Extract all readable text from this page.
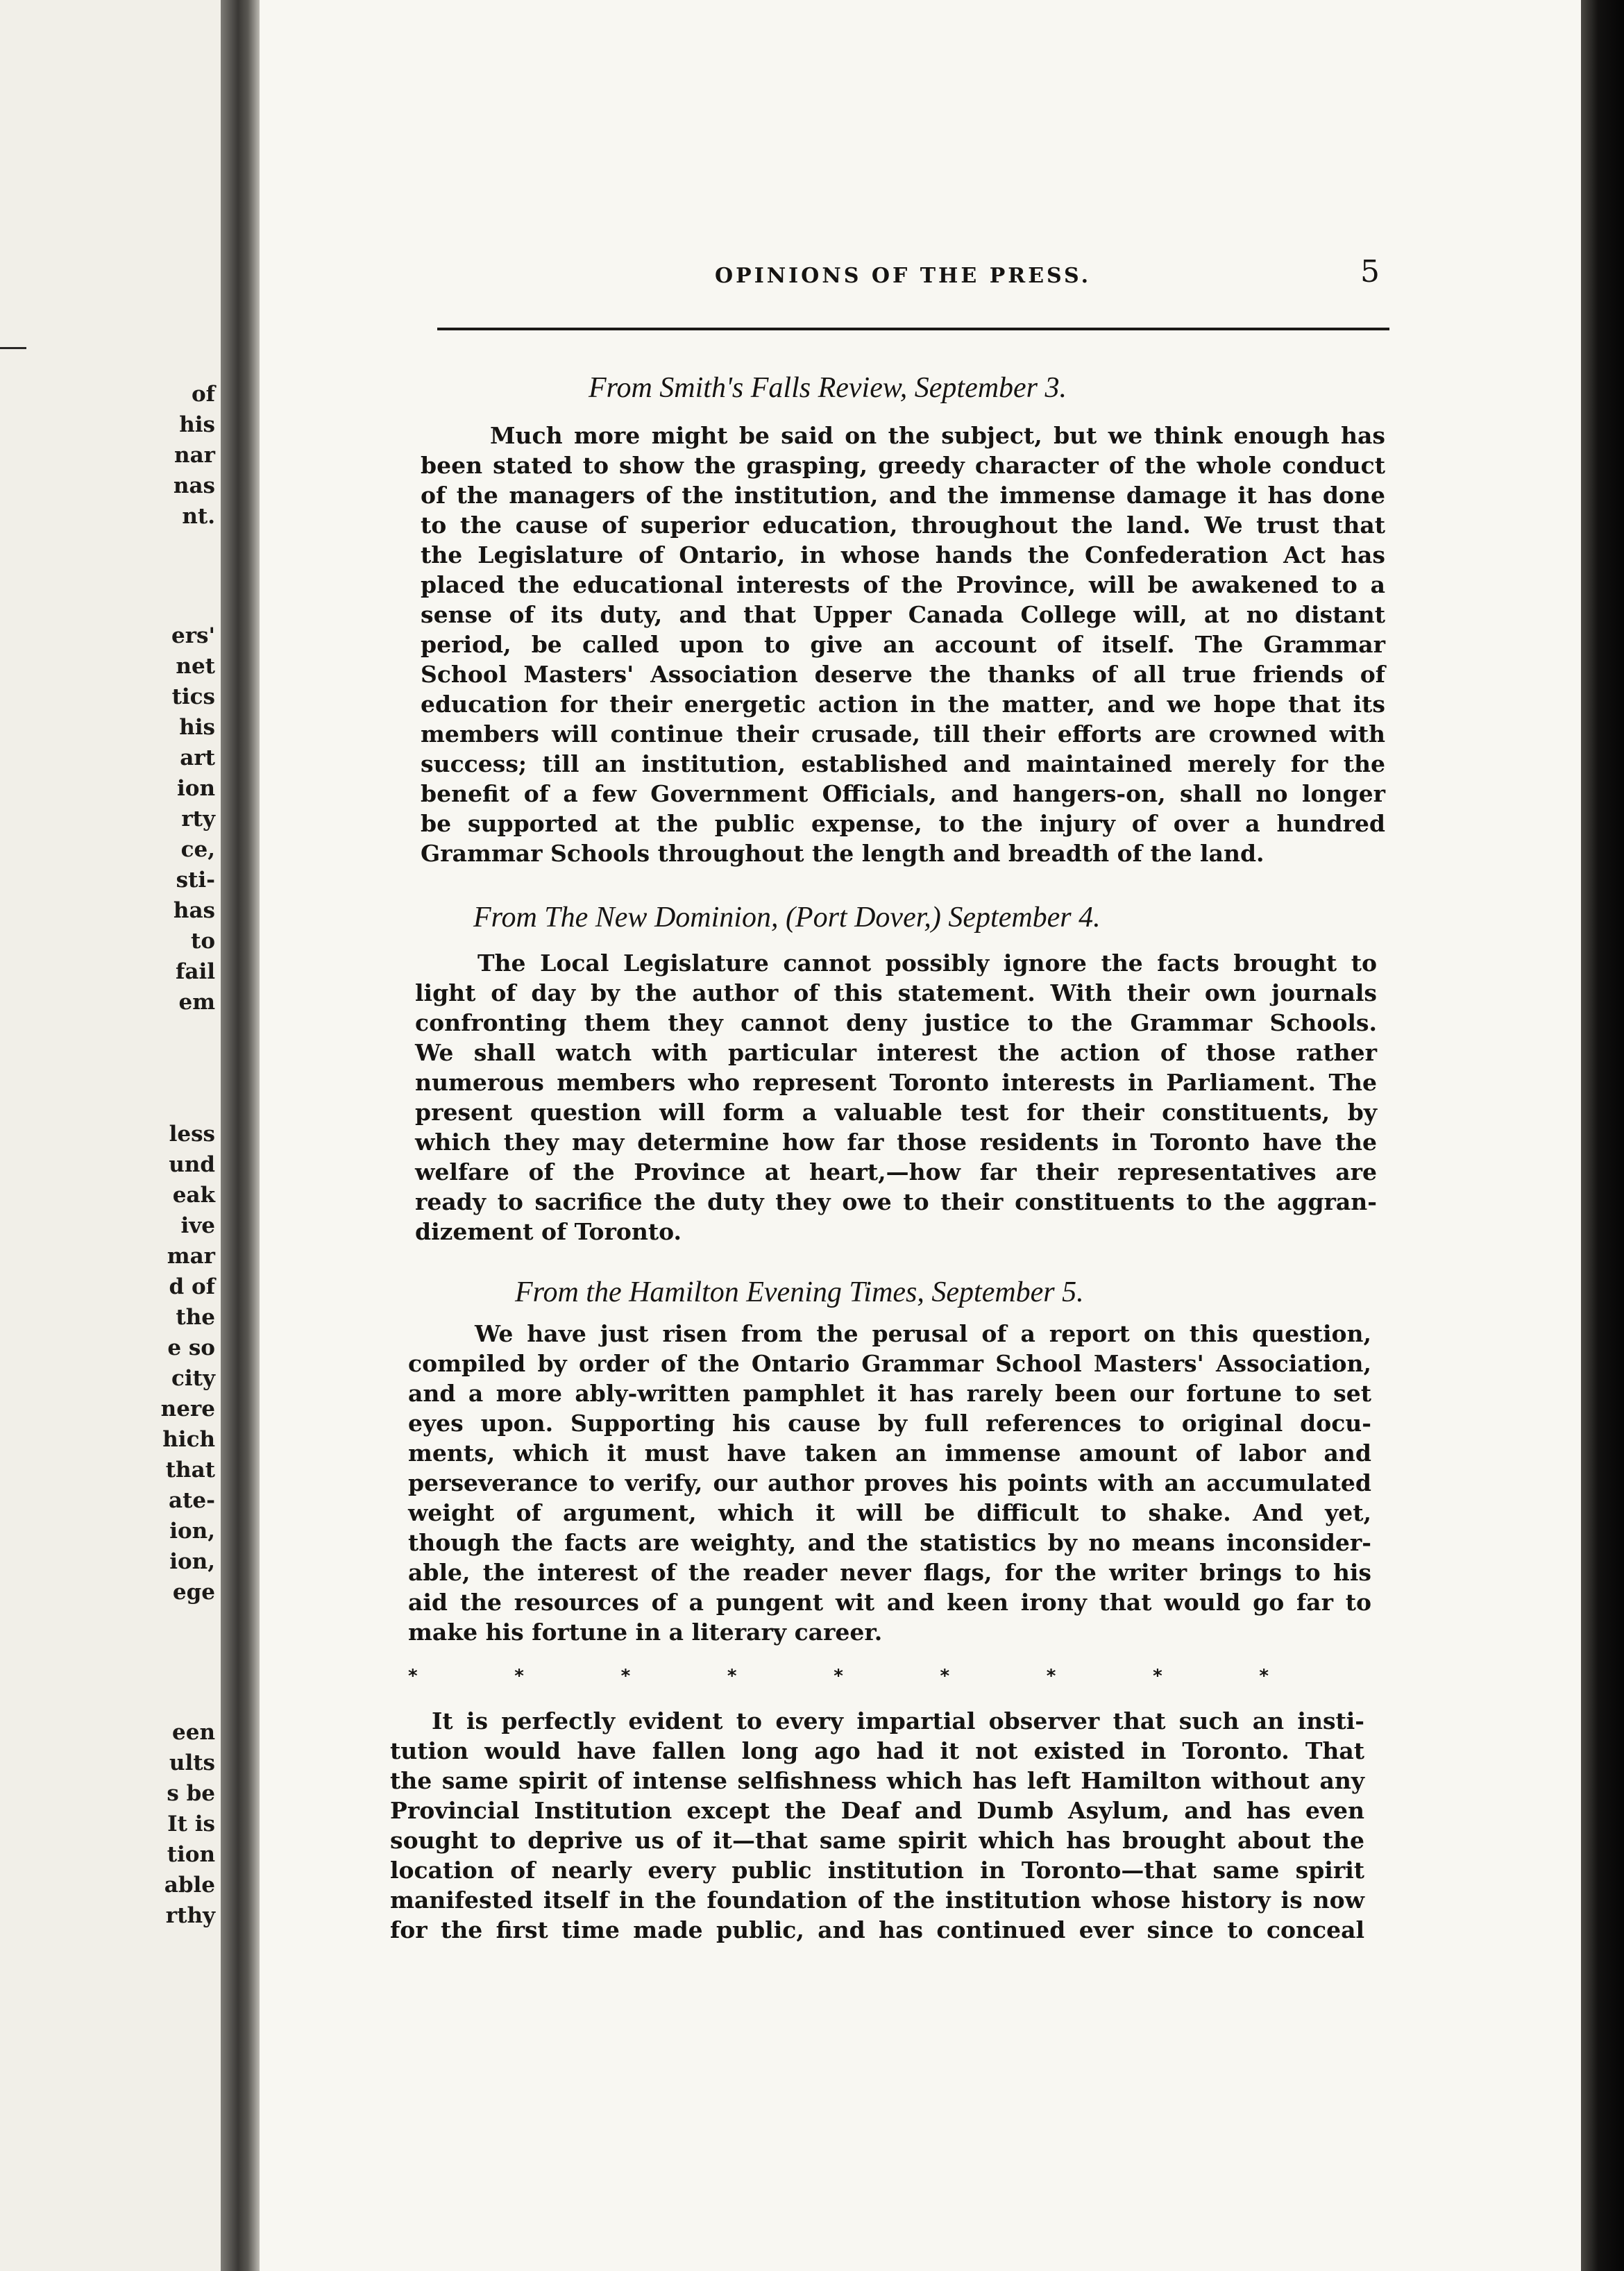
of

his

nar

nas

nt.

ers'

net

tics

his

art

ion

rty

ce,

sti-

has

to

fail

em

less

und

eak

ive

mar

d of

the

e so

city

nere

hich

that

ate-

ion,

ion,

ege

een

ults

s be

It is

tion

able

rthy

OPINIONS OF THE PRESS.	5

From Smith's Falls Review, September 3.

Much more might be said on the subject, but we think enough has
been stated to show the grasping, greedy character of the whole conduct
of the managers of the institution, and the immense damage it has done
to the cause of superior education, throughout the land. We trust that
the Legislature of Ontario, in whose hands the Confederation Act has
placed the educational interests of the Province, will be awakened to a
sense of its duty, and that Upper Canada College will, at no distant
period, be called upon to give an account of itself. The Grammar
School Masters' Association deserve the thanks of all true friends of
education for their energetic action in the matter, and we hope that its
members will continue their crusade, till their efforts are crowned with
success; till an institution, established and maintained merely for the
benefit of a few Government Officials, and hangers-on, shall no longer
be supported at the public expense, to the injury of over a hundred
Grammar Schools throughout the length and breadth of the land.

From The New Dominion, (Port Dover,) September 4.

The Local Legislature cannot possibly ignore the facts brought to
light of day by the author of this statement. With their own journals
confronting them they cannot deny justice to the Grammar Schools.
We shall watch with particular interest the action of those rather
numerous members who represent Toronto interests in Parliament. The
present question will form a valuable test for their constituents, by
which they may determine how far those residents in Toronto have the
welfare of the Province at heart,—how far their representatives are
ready to sacrifice the duty they owe to their constituents to the aggran-
dizement of Toronto.

From the Hamilton Evening Times, September 5.

We have just risen from the perusal of a report on this question,
compiled by order of the Ontario Grammar School Masters' Association,
and a more ably-written pamphlet it has rarely been our fortune to set
eyes upon. Supporting his cause by full references to original docu-
ments, which it must have taken an immense amount of labor and
perseverance to verify, our author proves his points with an accumulated
weight of argument, which it will be difficult to shake. And yet,
though the facts are weighty, and the statistics by no means inconsider-
able, the interest of the reader never flags, for the writer brings to his
aid the resources of a pungent wit and keen irony that would go far to
make his fortune in a literary career.
*	*	*	*	*	*	*	*	*
It is perfectly evident to every impartial observer that such an insti-
tution would have fallen long ago had it not existed in Toronto. That
the same spirit of intense selfishness which has left Hamilton without any
Provincial Institution except the Deaf and Dumb Asylum, and has even
sought to deprive us of it—that same spirit which has brought about the
location of nearly every public institution in Toronto—that same spirit
manifested itself in the foundation of the institution whose history is now
for the first time made public, and has continued ever since to conceal
